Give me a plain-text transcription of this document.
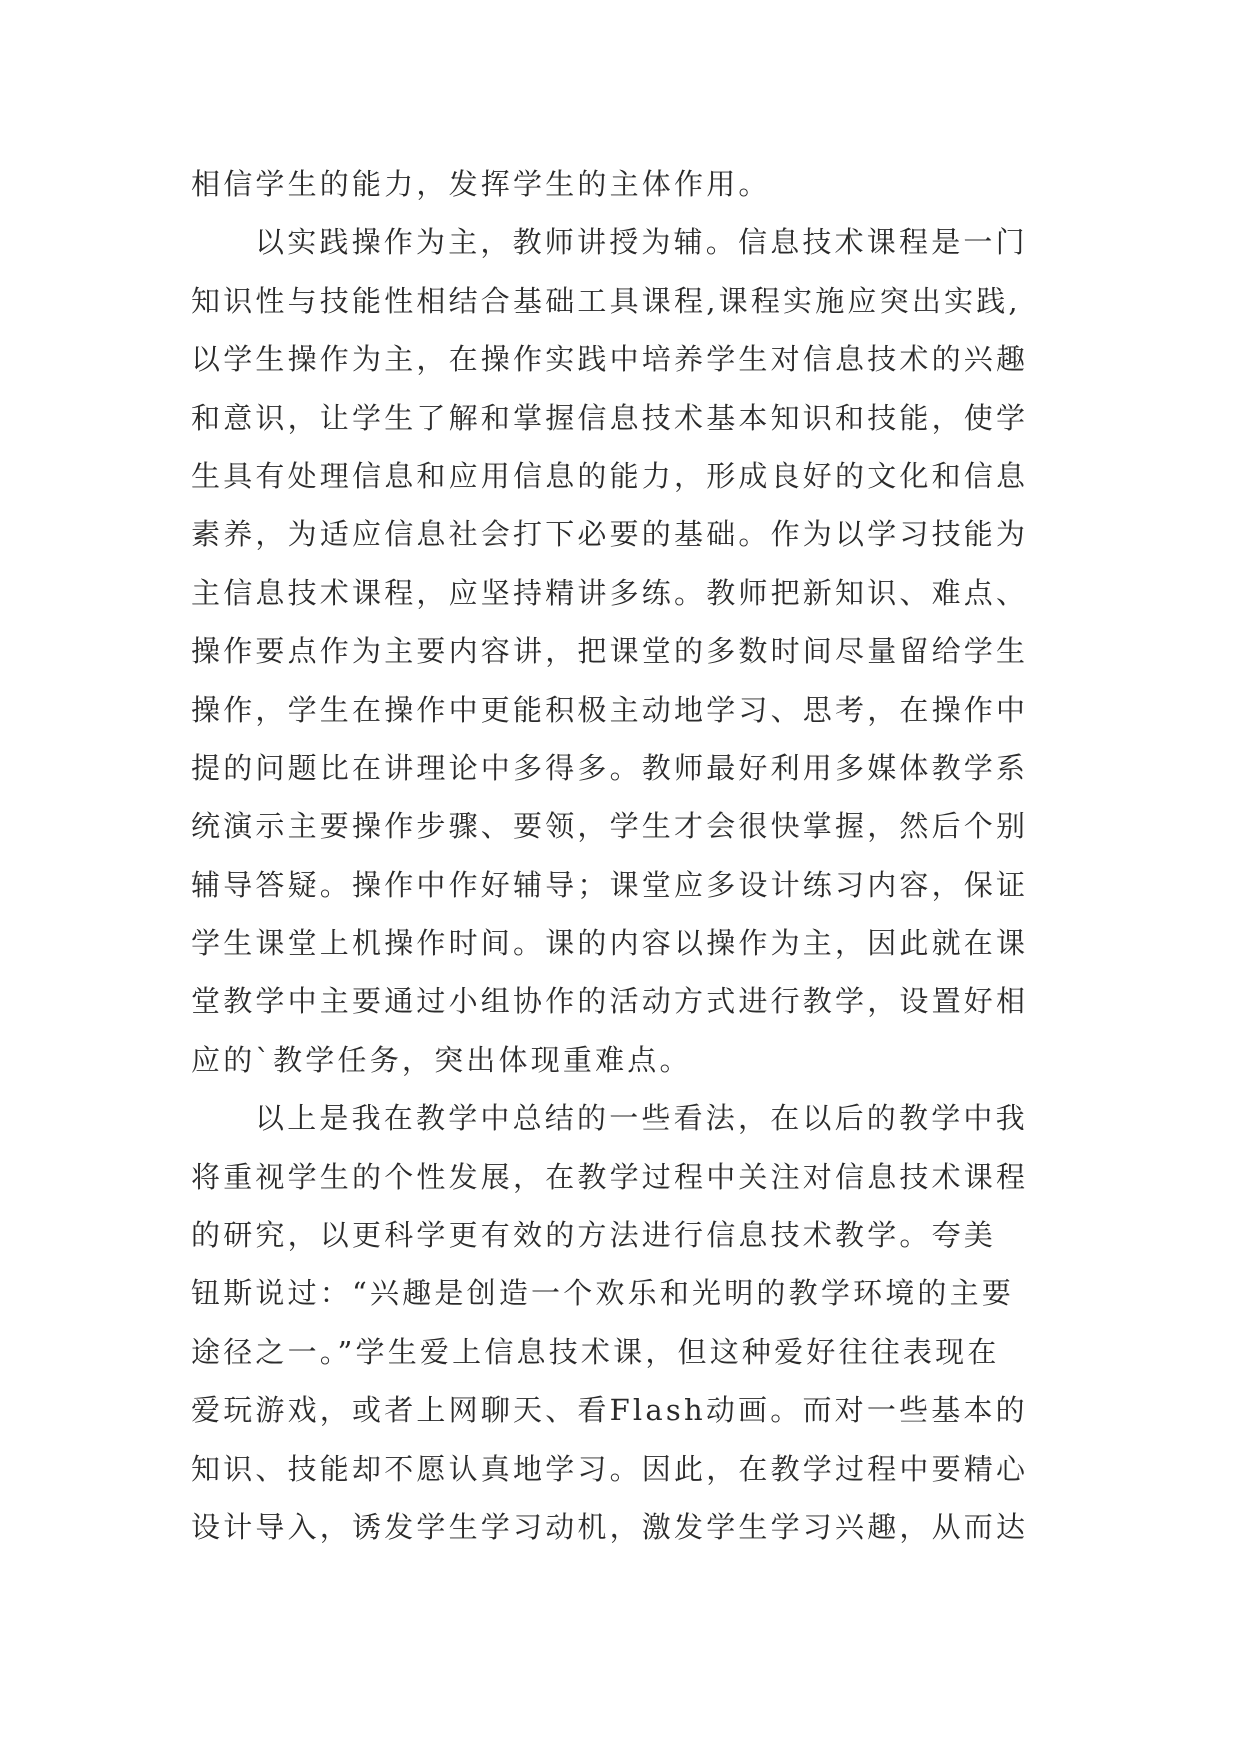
相信学生的能力，发挥学生的主体作用。
以实践操作为主，教师讲授为辅。信息技术课程是一门
知识性与技能性相结合基础工具课程,课程实施应突出实践,
以学生操作为主，在操作实践中培养学生对信息技术的兴趣
和意识，让学生了解和掌握信息技术基本知识和技能，使学
生具有处理信息和应用信息的能力，形成良好的文化和信息
素养，为适应信息社会打下必要的基础。作为以学习技能为
主信息技术课程，应坚持精讲多练。教师把新知识、难点、
操作要点作为主要内容讲，把课堂的多数时间尽量留给学生
操作，学生在操作中更能积极主动地学习、思考，在操作中
提的问题比在讲理论中多得多。教师最好利用多媒体教学系
统演示主要操作步骤、要领，学生才会很快掌握，然后个别
辅导答疑。操作中作好辅导；课堂应多设计练习内容，保证
学生课堂上机操作时间。课的内容以操作为主，因此就在课
堂教学中主要通过小组协作的活动方式进行教学，设置好相
应的`教学任务，突出体现重难点。
以上是我在教学中总结的一些看法，在以后的教学中我
将重视学生的个性发展，在教学过程中关注对信息技术课程
的研究，以更科学更有效的方法进行信息技术教学。夸美
钮斯说过：“兴趣是创造一个欢乐和光明的教学环境的主要
途径之一。”学生爱上信息技术课，但这种爱好往往表现在
爱玩游戏，或者上网聊天、看Flash动画。而对一些基本的
知识、技能却不愿认真地学习。因此，在教学过程中要精心
设计导入，诱发学生学习动机，激发学生学习兴趣，从而达
